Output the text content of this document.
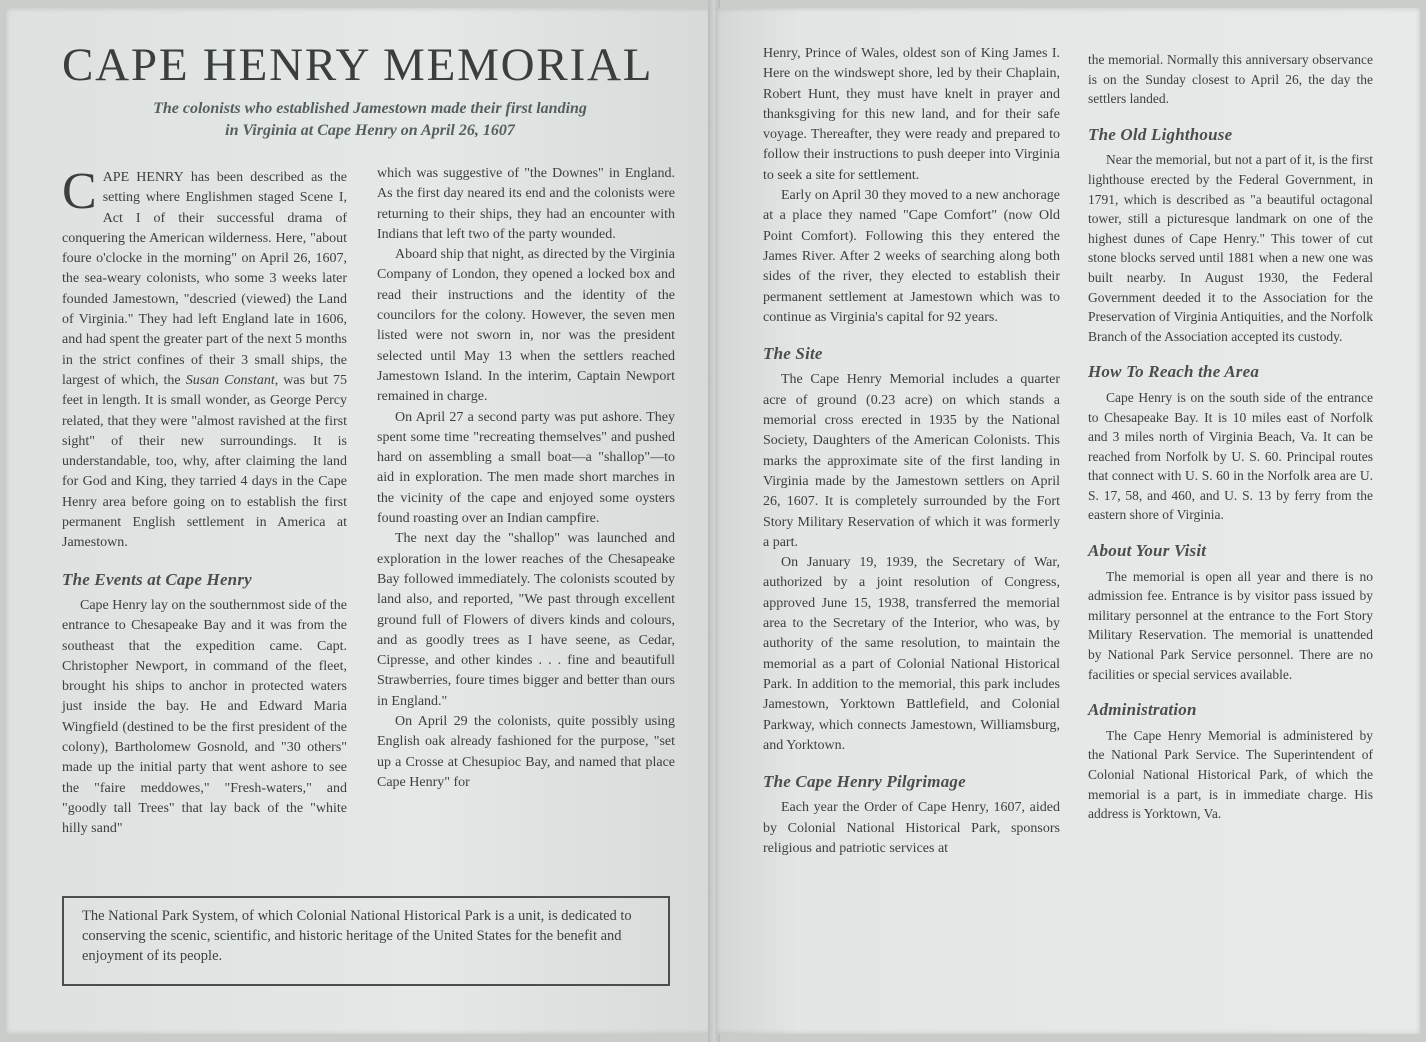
CAPE HENRY MEMORIAL
The colonists who established Jamestown made their first landing
in Virginia at Cape Henry on April 26, 1607

CAPE HENRY has been described as the setting where Englishmen staged Scene I, Act I of their successful drama of conquering the American wilderness. Here, "about foure o'clocke in the morning" on April 26, 1607, the sea-weary colonists, who some 3 weeks later founded Jamestown, "descried (viewed) the Land of Virginia." They had left England late in 1606, and had spent the greater part of the next 5 months in the strict confines of their 3 small ships, the largest of which, the Susan Constant, was but 75 feet in length. It is small wonder, as George Percy related, that they were "almost ravished at the first sight" of their new surroundings. It is understandable, too, why, after claiming the land for God and King, they tarried 4 days in the Cape Henry area before going on to establish the first permanent English settlement in America at Jamestown.

The Events at Cape Henry

Cape Henry lay on the southernmost side of the entrance to Chesapeake Bay and it was from the southeast that the expedition came. Capt. Christopher Newport, in command of the fleet, brought his ships to anchor in protected waters just inside the bay. He and Edward Maria Wingfield (destined to be the first president of the colony), Bartholomew Gosnold, and "30 others" made up the initial party that went ashore to see the "faire meddowes," "Fresh-waters," and "goodly tall Trees" that lay back of the "white hilly sand"

which was suggestive of "the Downes" in England. As the first day neared its end and the colonists were returning to their ships, they had an encounter with Indians that left two of the party wounded.

Aboard ship that night, as directed by the Virginia Company of London, they opened a locked box and read their instructions and the identity of the councilors for the colony. However, the seven men listed were not sworn in, nor was the president selected until May 13 when the settlers reached Jamestown Island. In the interim, Captain Newport remained in charge.

On April 27 a second party was put ashore. They spent some time "recreating themselves" and pushed hard on assembling a small boat—a "shallop"—to aid in exploration. The men made short marches in the vicinity of the cape and enjoyed some oysters found roasting over an Indian campfire.

The next day the "shallop" was launched and exploration in the lower reaches of the Chesapeake Bay followed immediately. The colonists scouted by land also, and reported, "We past through excellent ground full of Flowers of divers kinds and colours, and as goodly trees as I have seene, as Cedar, Cipresse, and other kindes . . . fine and beautifull Strawberries, foure times bigger and better than ours in England."

On April 29 the colonists, quite possibly using English oak already fashioned for the purpose, "set up a Crosse at Chesupioc Bay, and named that place Cape Henry" for

The National Park System, of which Colonial National Historical Park is a unit, is dedicated to conserving the scenic, scientific, and historic heritage of the United States for the benefit and enjoyment of its people.

Henry, Prince of Wales, oldest son of King James I. Here on the windswept shore, led by their Chaplain, Robert Hunt, they must have knelt in prayer and thanksgiving for this new land, and for their safe voyage. Thereafter, they were ready and prepared to follow their instructions to push deeper into Virginia to seek a site for settlement.

Early on April 30 they moved to a new anchorage at a place they named "Cape Comfort" (now Old Point Comfort). Following this they entered the James River. After 2 weeks of searching along both sides of the river, they elected to establish their permanent settlement at Jamestown which was to continue as Virginia's capital for 92 years.

The Site

The Cape Henry Memorial includes a quarter acre of ground (0.23 acre) on which stands a memorial cross erected in 1935 by the National Society, Daughters of the American Colonists. This marks the approximate site of the first landing in Virginia made by the Jamestown settlers on April 26, 1607. It is completely surrounded by the Fort Story Military Reservation of which it was formerly a part.

On January 19, 1939, the Secretary of War, authorized by a joint resolution of Congress, approved June 15, 1938, transferred the memorial area to the Secretary of the Interior, who was, by authority of the same resolution, to maintain the memorial as a part of Colonial National Historical Park. In addition to the memorial, this park includes Jamestown, Yorktown Battlefield, and Colonial Parkway, which connects Jamestown, Williamsburg, and Yorktown.

The Cape Henry Pilgrimage

Each year the Order of Cape Henry, 1607, aided by Colonial National Historical Park, sponsors religious and patriotic services at

the memorial. Normally this anniversary observance is on the Sunday closest to April 26, the day the settlers landed.

The Old Lighthouse

Near the memorial, but not a part of it, is the first lighthouse erected by the Federal Government, in 1791, which is described as "a beautiful octagonal tower, still a picturesque landmark on one of the highest dunes of Cape Henry." This tower of cut stone blocks served until 1881 when a new one was built nearby. In August 1930, the Federal Government deeded it to the Association for the Preservation of Virginia Antiquities, and the Norfolk Branch of the Association accepted its custody.

How To Reach the Area

Cape Henry is on the south side of the entrance to Chesapeake Bay. It is 10 miles east of Norfolk and 3 miles north of Virginia Beach, Va. It can be reached from Norfolk by U. S. 60. Principal routes that connect with U. S. 60 in the Norfolk area are U. S. 17, 58, and 460, and U. S. 13 by ferry from the eastern shore of Virginia.

About Your Visit

The memorial is open all year and there is no admission fee. Entrance is by visitor pass issued by military personnel at the entrance to the Fort Story Military Reservation. The memorial is unattended by National Park Service personnel. There are no facilities or special services available.

Administration

The Cape Henry Memorial is administered by the National Park Service. The Superintendent of Colonial National Historical Park, of which the memorial is a part, is in immediate charge. His address is Yorktown, Va.
